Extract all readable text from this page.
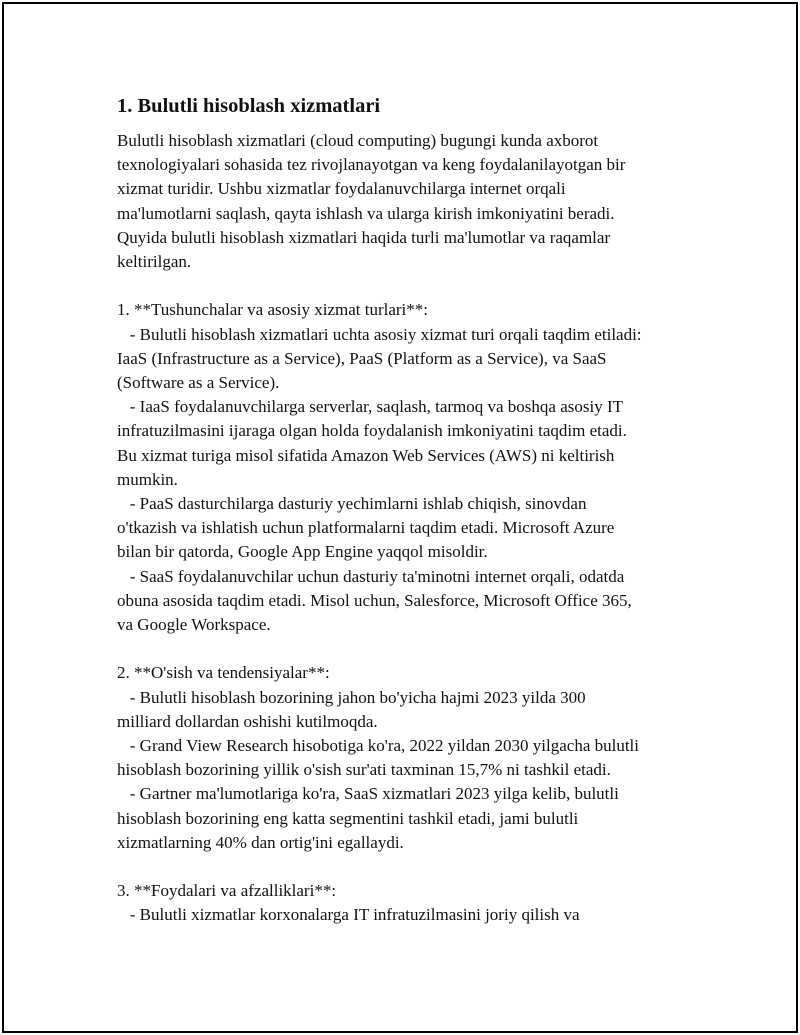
1. Bulutli hisoblash xizmatlari

Bulutli hisoblash xizmatlari (cloud computing) bugungi kunda axborot
texnologiyalari sohasida tez rivojlanayotgan va keng foydalanilayotgan bir
xizmat turidir. Ushbu xizmatlar foydalanuvchilarga internet orqali
ma'lumotlarni saqlash, qayta ishlash va ularga kirish imkoniyatini beradi.
Quyida bulutli hisoblash xizmatlari haqida turli ma'lumotlar va raqamlar
keltirilgan.

1. **Tushunchalar va asosiy xizmat turlari**:
- Bulutli hisoblash xizmatlari uchta asosiy xizmat turi orqali taqdim etiladi:
IaaS (Infrastructure as a Service), PaaS (Platform as a Service), va SaaS
(Software as a Service).
- IaaS foydalanuvchilarga serverlar, saqlash, tarmoq va boshqa asosiy IT
infratuzilmasini ijaraga olgan holda foydalanish imkoniyatini taqdim etadi.
Bu xizmat turiga misol sifatida Amazon Web Services (AWS) ni keltirish
mumkin.
- PaaS dasturchilarga dasturiy yechimlarni ishlab chiqish, sinovdan
o'tkazish va ishlatish uchun platformalarni taqdim etadi. Microsoft Azure
bilan bir qatorda, Google App Engine yaqqol misoldir.
- SaaS foydalanuvchilar uchun dasturiy ta'minotni internet orqali, odatda
obuna asosida taqdim etadi. Misol uchun, Salesforce, Microsoft Office 365,
va Google Workspace.

2. **O'sish va tendensiyalar**:
- Bulutli hisoblash bozorining jahon bo'yicha hajmi 2023 yilda 300
milliard dollardan oshishi kutilmoqda.
- Grand View Research hisobotiga ko'ra, 2022 yildan 2030 yilgacha bulutli
hisoblash bozorining yillik o'sish sur'ati taxminan 15,7% ni tashkil etadi.
- Gartner ma'lumotlariga ko'ra, SaaS xizmatlari 2023 yilga kelib, bulutli
hisoblash bozorining eng katta segmentini tashkil etadi, jami bulutli
xizmatlarning 40% dan ortig'ini egallaydi.

3. **Foydalari va afzalliklari**:
- Bulutli xizmatlar korxonalarga IT infratuzilmasini joriy qilish va
